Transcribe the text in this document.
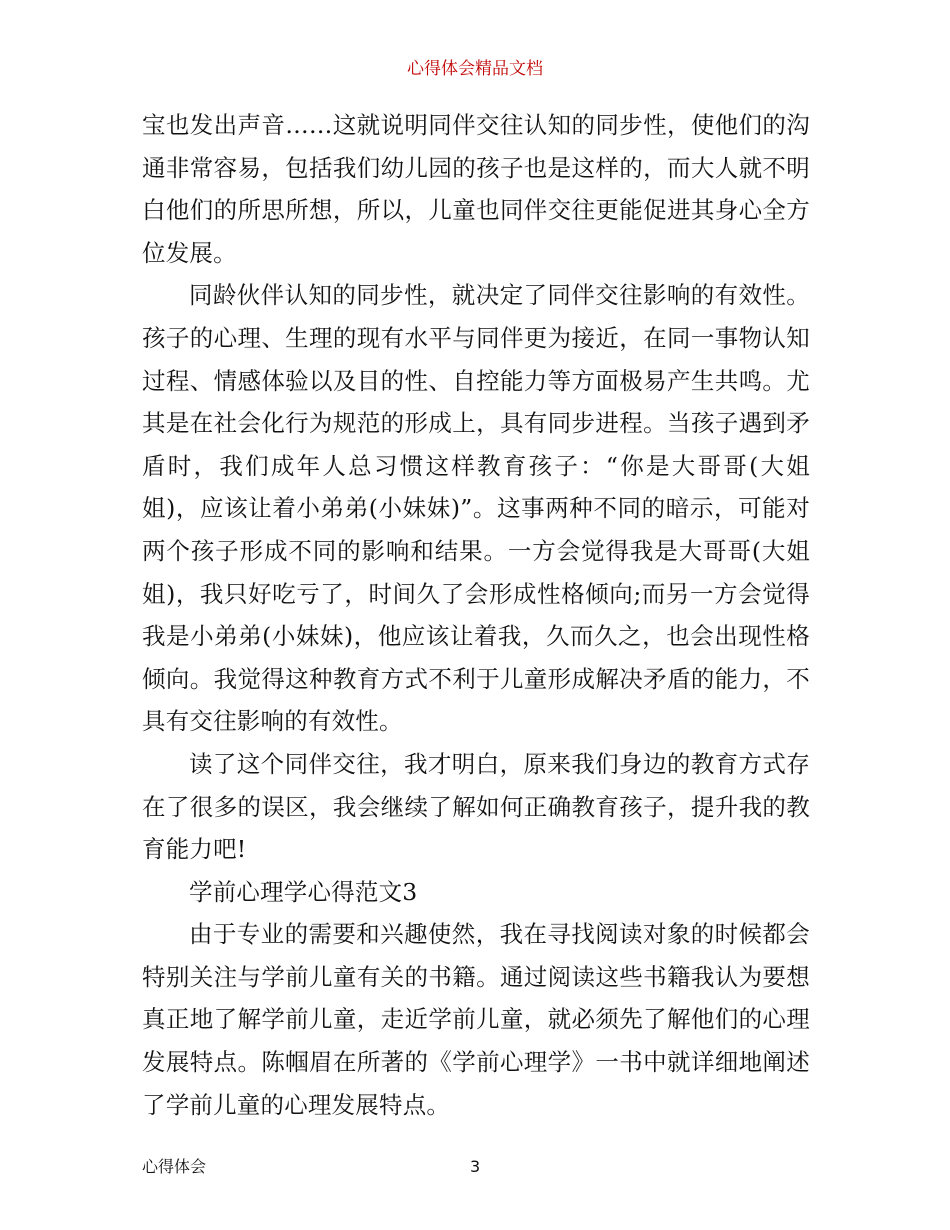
心得体会精品文档

宝也发出声音……这就说明同伴交往认知的同步性，使他们的沟通非常容易，包括我们幼儿园的孩子也是这样的，而大人就不明白他们的所思所想，所以，儿童也同伴交往更能促进其身心全方位发展。

同龄伙伴认知的同步性，就决定了同伴交往影响的有效性。孩子的心理、生理的现有水平与同伴更为接近，在同一事物认知过程、情感体验以及目的性、自控能力等方面极易产生共鸣。尤其是在社会化行为规范的形成上，具有同步进程。当孩子遇到矛盾时，我们成年人总习惯这样教育孩子：“你是大哥哥(大姐姐)，应该让着小弟弟(小妹妹)”。这事两种不同的暗示，可能对两个孩子形成不同的影响和结果。一方会觉得我是大哥哥(大姐姐)，我只好吃亏了，时间久了会形成性格倾向;而另一方会觉得我是小弟弟(小妹妹)，他应该让着我，久而久之，也会出现性格倾向。我觉得这种教育方式不利于儿童形成解决矛盾的能力，不具有交往影响的有效性。

读了这个同伴交往，我才明白，原来我们身边的教育方式存在了很多的误区，我会继续了解如何正确教育孩子，提升我的教育能力吧!

学前心理学心得范文3

由于专业的需要和兴趣使然，我在寻找阅读对象的时候都会特别关注与学前儿童有关的书籍。通过阅读这些书籍我认为要想真正地了解学前儿童，走近学前儿童，就必须先了解他们的心理发展特点。陈帼眉在所著的《学前心理学》一书中就详细地阐述了学前儿童的心理发展特点。

心得体会	3
